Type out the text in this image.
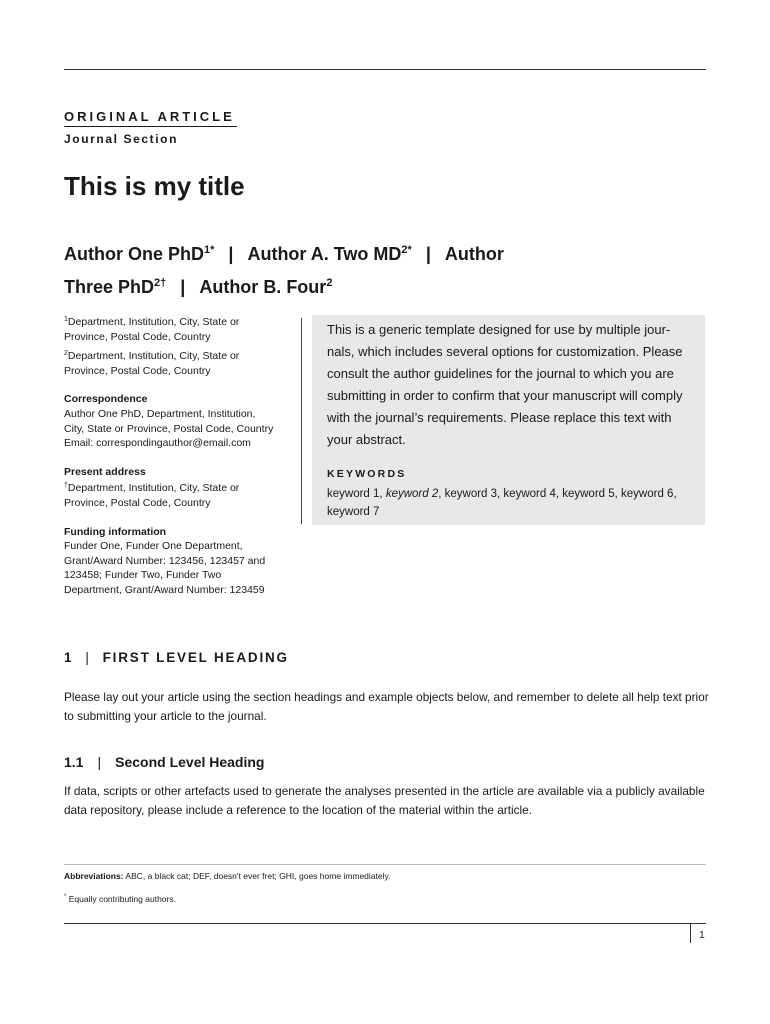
ORIGINAL ARTICLE
Journal Section
This is my title
Author One PhD$^{1*}$ | Author A. Two $MD^{2*}$ | Author
Three PhD$^{2\dagger}$ | Author B. Four$^2$

$^1$Department, Institution, City, State or Province, Postal Code, Country

$^2$Department, Institution, City, State or Province, Postal Code, Country

Correspondence

Author One PhD, Department, Institution, City, State or Province, Postal Code, Country

Email: correspondingauthor@email.com

Present address

†Department, Institution, City, State or Province, Postal Code, Country

Funding information

Funder One, Funder One Department, Grant/Award Number: 123456, 123457 and 123458; Funder Two, Funder Two Department, Grant/Award Number: 123459

This is a generic template designed for use by multiple jour-nals, which includes several options for customization. Please consult the author guidelines for the journal to which you are submitting in order to confirm that your manuscript will comply with the journal’s requirements. Please replace this text with your abstract.
KEYWORDS
keyword 1, keyword 2, keyword 3, keyword 4, keyword 5, keyword 6, keyword 7
1 | FIRST LEVEL HEADING
Please lay out your article using the section headings and example objects below, and remember to delete all help text prior to submitting your article to the journal.
1.1 | Second Level Heading
If data, scripts or other artefacts used to generate the analyses presented in the article are available via a publicly available data repository, please include a reference to the location of the material within the article.
Abbreviations: ABC, a black cat; DEF, doesn't ever fret; GHI, goes home immediately.
* Equally contributing authors.
1
